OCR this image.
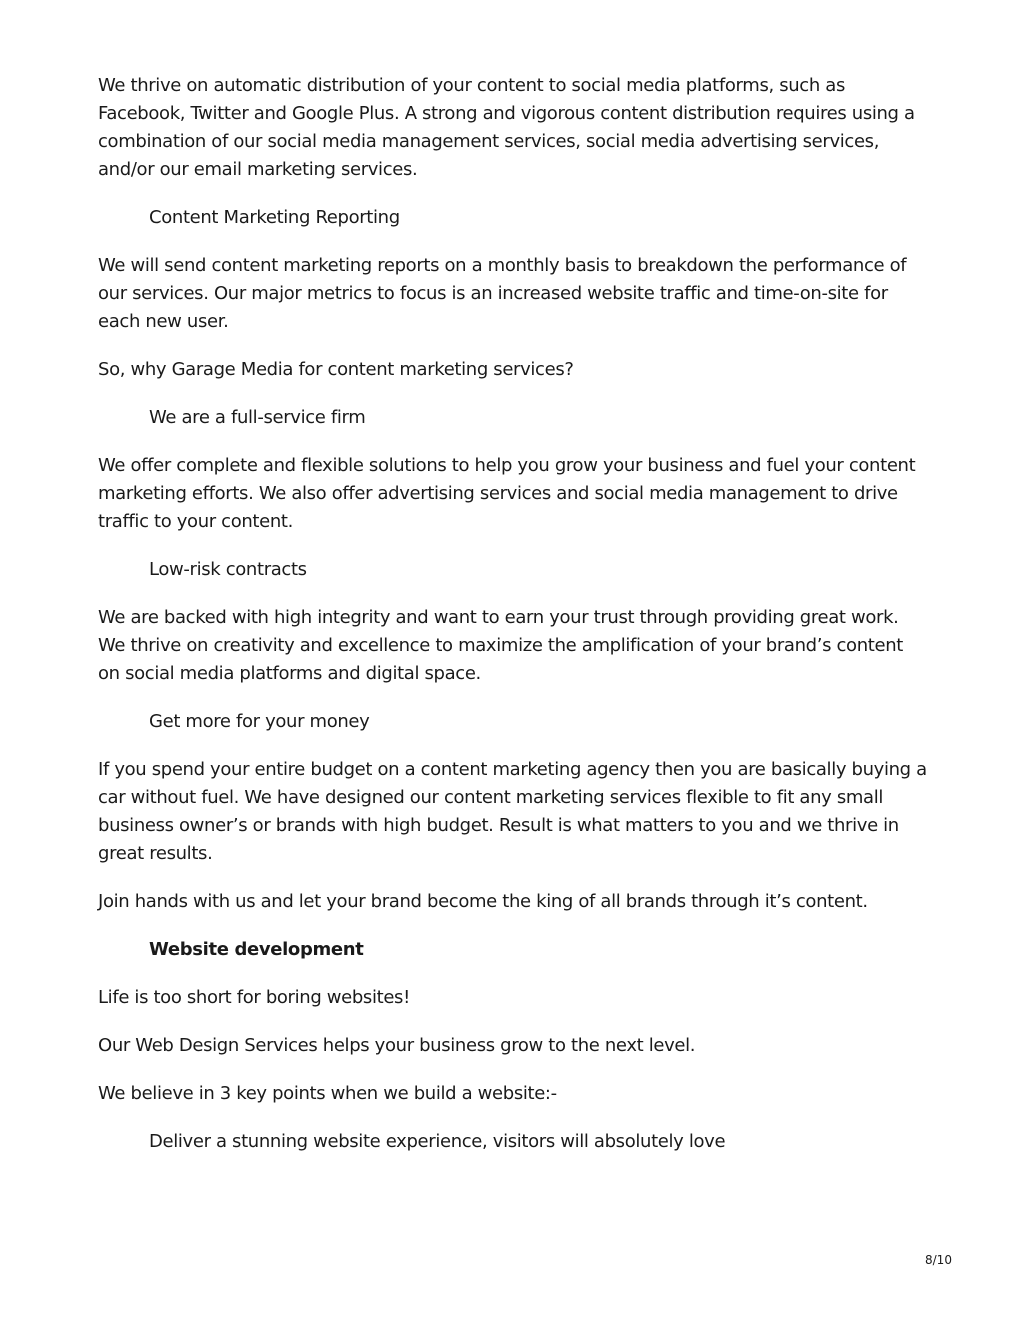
We thrive on automatic distribution of your content to social media platforms, such as Facebook, Twitter and Google Plus. A strong and vigorous content distribution requires using a combination of our social media management services, social media advertising services, and/or our email marketing services.

Content Marketing Reporting

We will send content marketing reports on a monthly basis to breakdown the performance of our services. Our major metrics to focus is an increased website traffic and time-on-site for each new user.

So, why Garage Media for content marketing services?

We are a full-service firm

We offer complete and flexible solutions to help you grow your business and fuel your content marketing efforts. We also offer advertising services and social media management to drive traffic to your content.

Low-risk contracts

We are backed with high integrity and want to earn your trust through providing great work. We thrive on creativity and excellence to maximize the amplification of your brand’s content on social media platforms and digital space.

Get more for your money

If you spend your entire budget on a content marketing agency then you are basically buying a car without fuel. We have designed our content marketing services flexible to fit any small business owner’s or brands with high budget. Result is what matters to you and we thrive in great results.

Join hands with us and let your brand become the king of all brands through it’s content.

Website development

Life is too short for boring websites!

Our Web Design Services helps your business grow to the next level.

We believe in 3 key points when we build a website:-

Deliver a stunning website experience, visitors will absolutely love

8/10
